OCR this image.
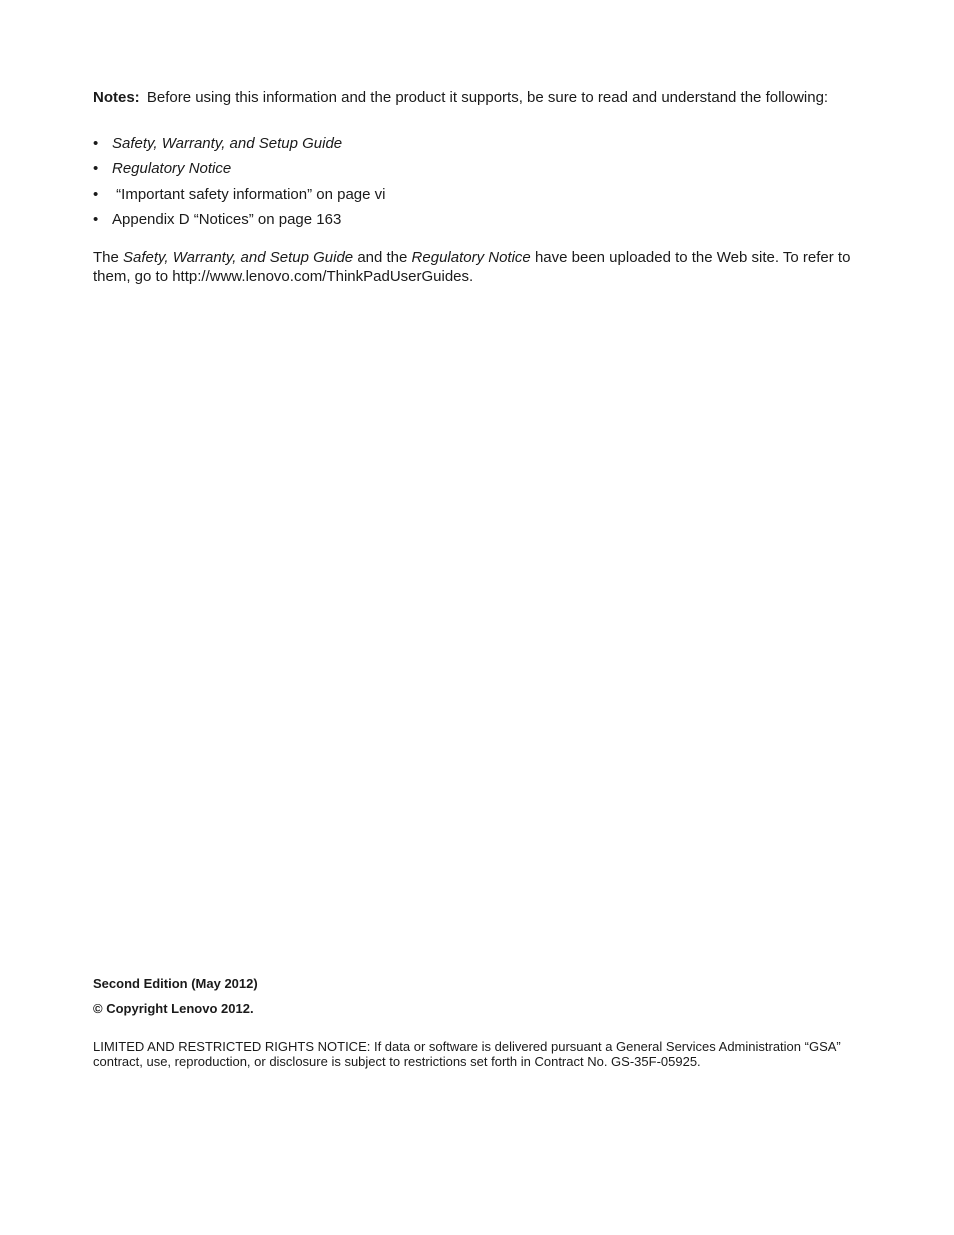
Notes: Before using this information and the product it supports, be sure to read and understand the following:

• Safety, Warranty, and Setup Guide
• Regulatory Notice
• “Important safety information” on page vi
• Appendix D “Notices” on page 163

The Safety, Warranty, and Setup Guide and the Regulatory Notice have been uploaded to the Web site. To refer to them, go to http://www.lenovo.com/ThinkPadUserGuides.

Second Edition (May 2012)

© Copyright Lenovo 2012.

LIMITED AND RESTRICTED RIGHTS NOTICE: If data or software is delivered pursuant a General Services Administration “GSA” contract, use, reproduction, or disclosure is subject to restrictions set forth in Contract No. GS-35F-05925.
